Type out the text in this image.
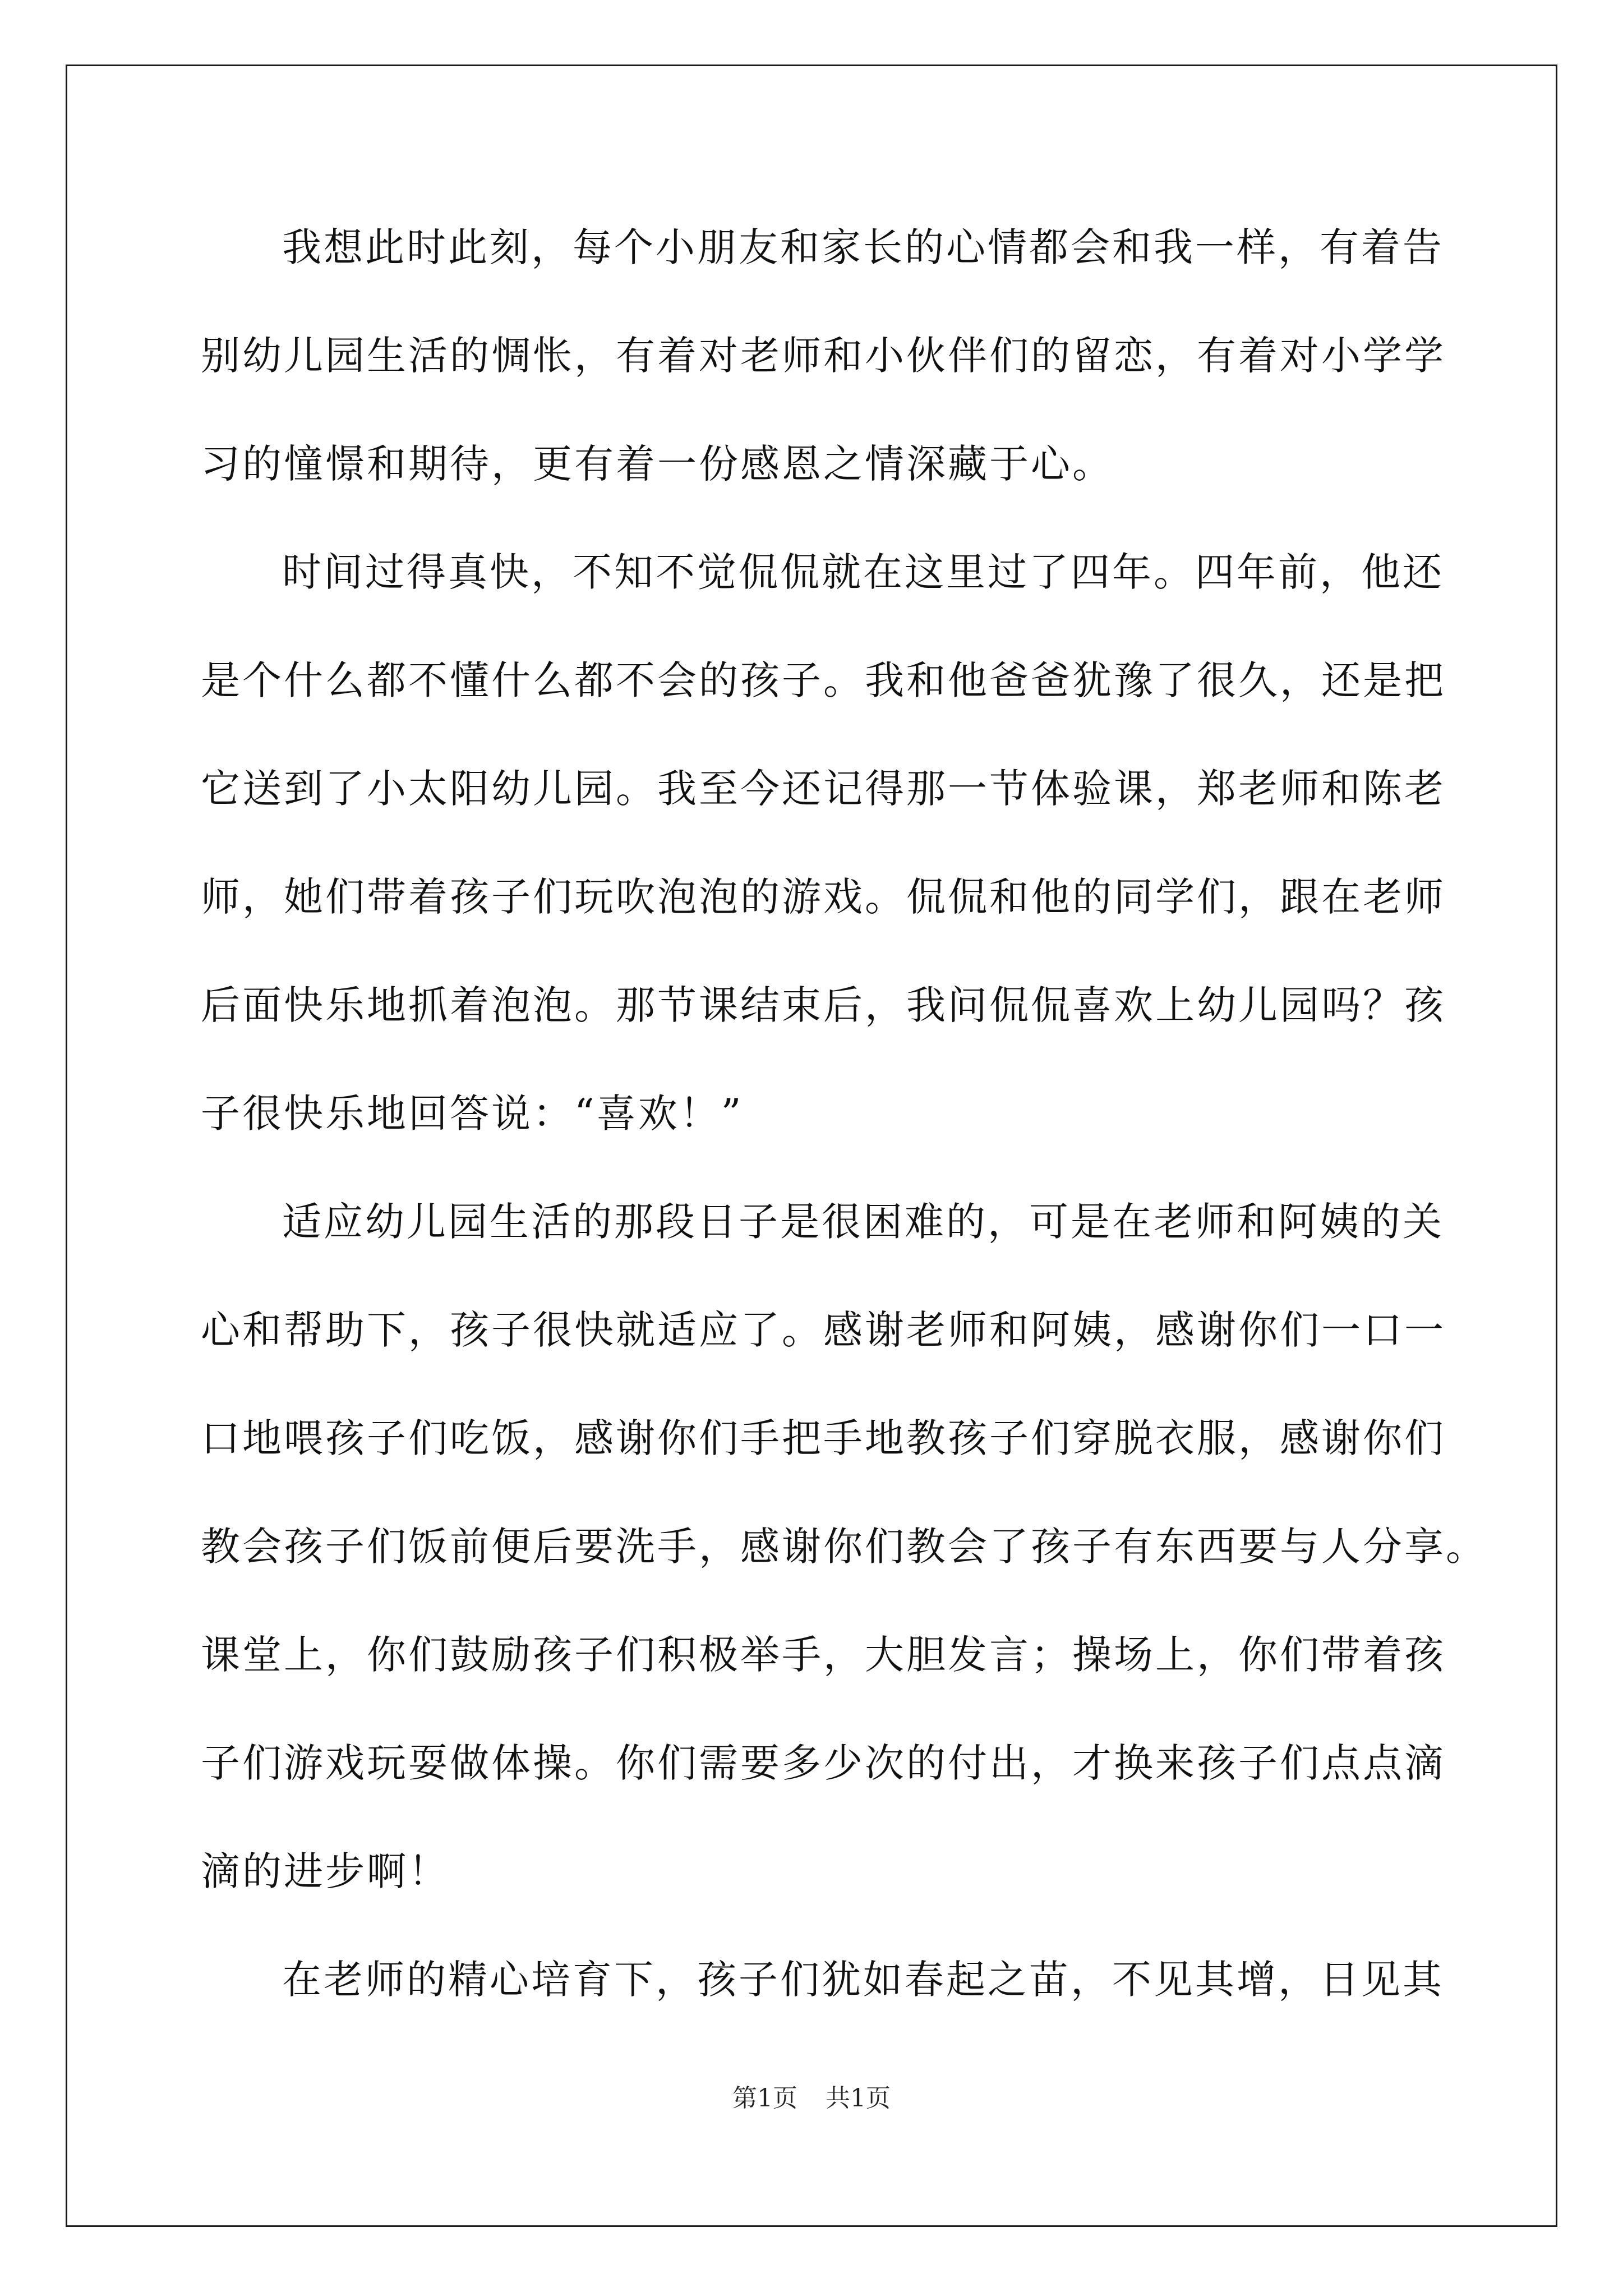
我想此时此刻，每个小朋友和家长的心情都会和我一样，有着告
别幼儿园生活的惆怅，有着对老师和小伙伴们的留恋，有着对小学学
习的憧憬和期待，更有着一份感恩之情深藏于心。
时间过得真快，不知不觉侃侃就在这里过了四年。四年前，他还
是个什么都不懂什么都不会的孩子。我和他爸爸犹豫了很久，还是把
它送到了小太阳幼儿园。我至今还记得那一节体验课，郑老师和陈老
师，她们带着孩子们玩吹泡泡的游戏。侃侃和他的同学们，跟在老师
后面快乐地抓着泡泡。那节课结束后，我问侃侃喜欢上幼儿园吗？孩
子很快乐地回答说：“喜欢！”
适应幼儿园生活的那段日子是很困难的，可是在老师和阿姨的关
心和帮助下，孩子很快就适应了。感谢老师和阿姨，感谢你们一口一
口地喂孩子们吃饭，感谢你们手把手地教孩子们穿脱衣服，感谢你们
教会孩子们饭前便后要洗手，感谢你们教会了孩子有东西要与人分享。
课堂上，你们鼓励孩子们积极举手，大胆发言；操场上，你们带着孩
子们游戏玩耍做体操。你们需要多少次的付出，才换来孩子们点点滴
滴的进步啊！
在老师的精心培育下，孩子们犹如春起之苗，不见其增，日见其
第1页 共1页
